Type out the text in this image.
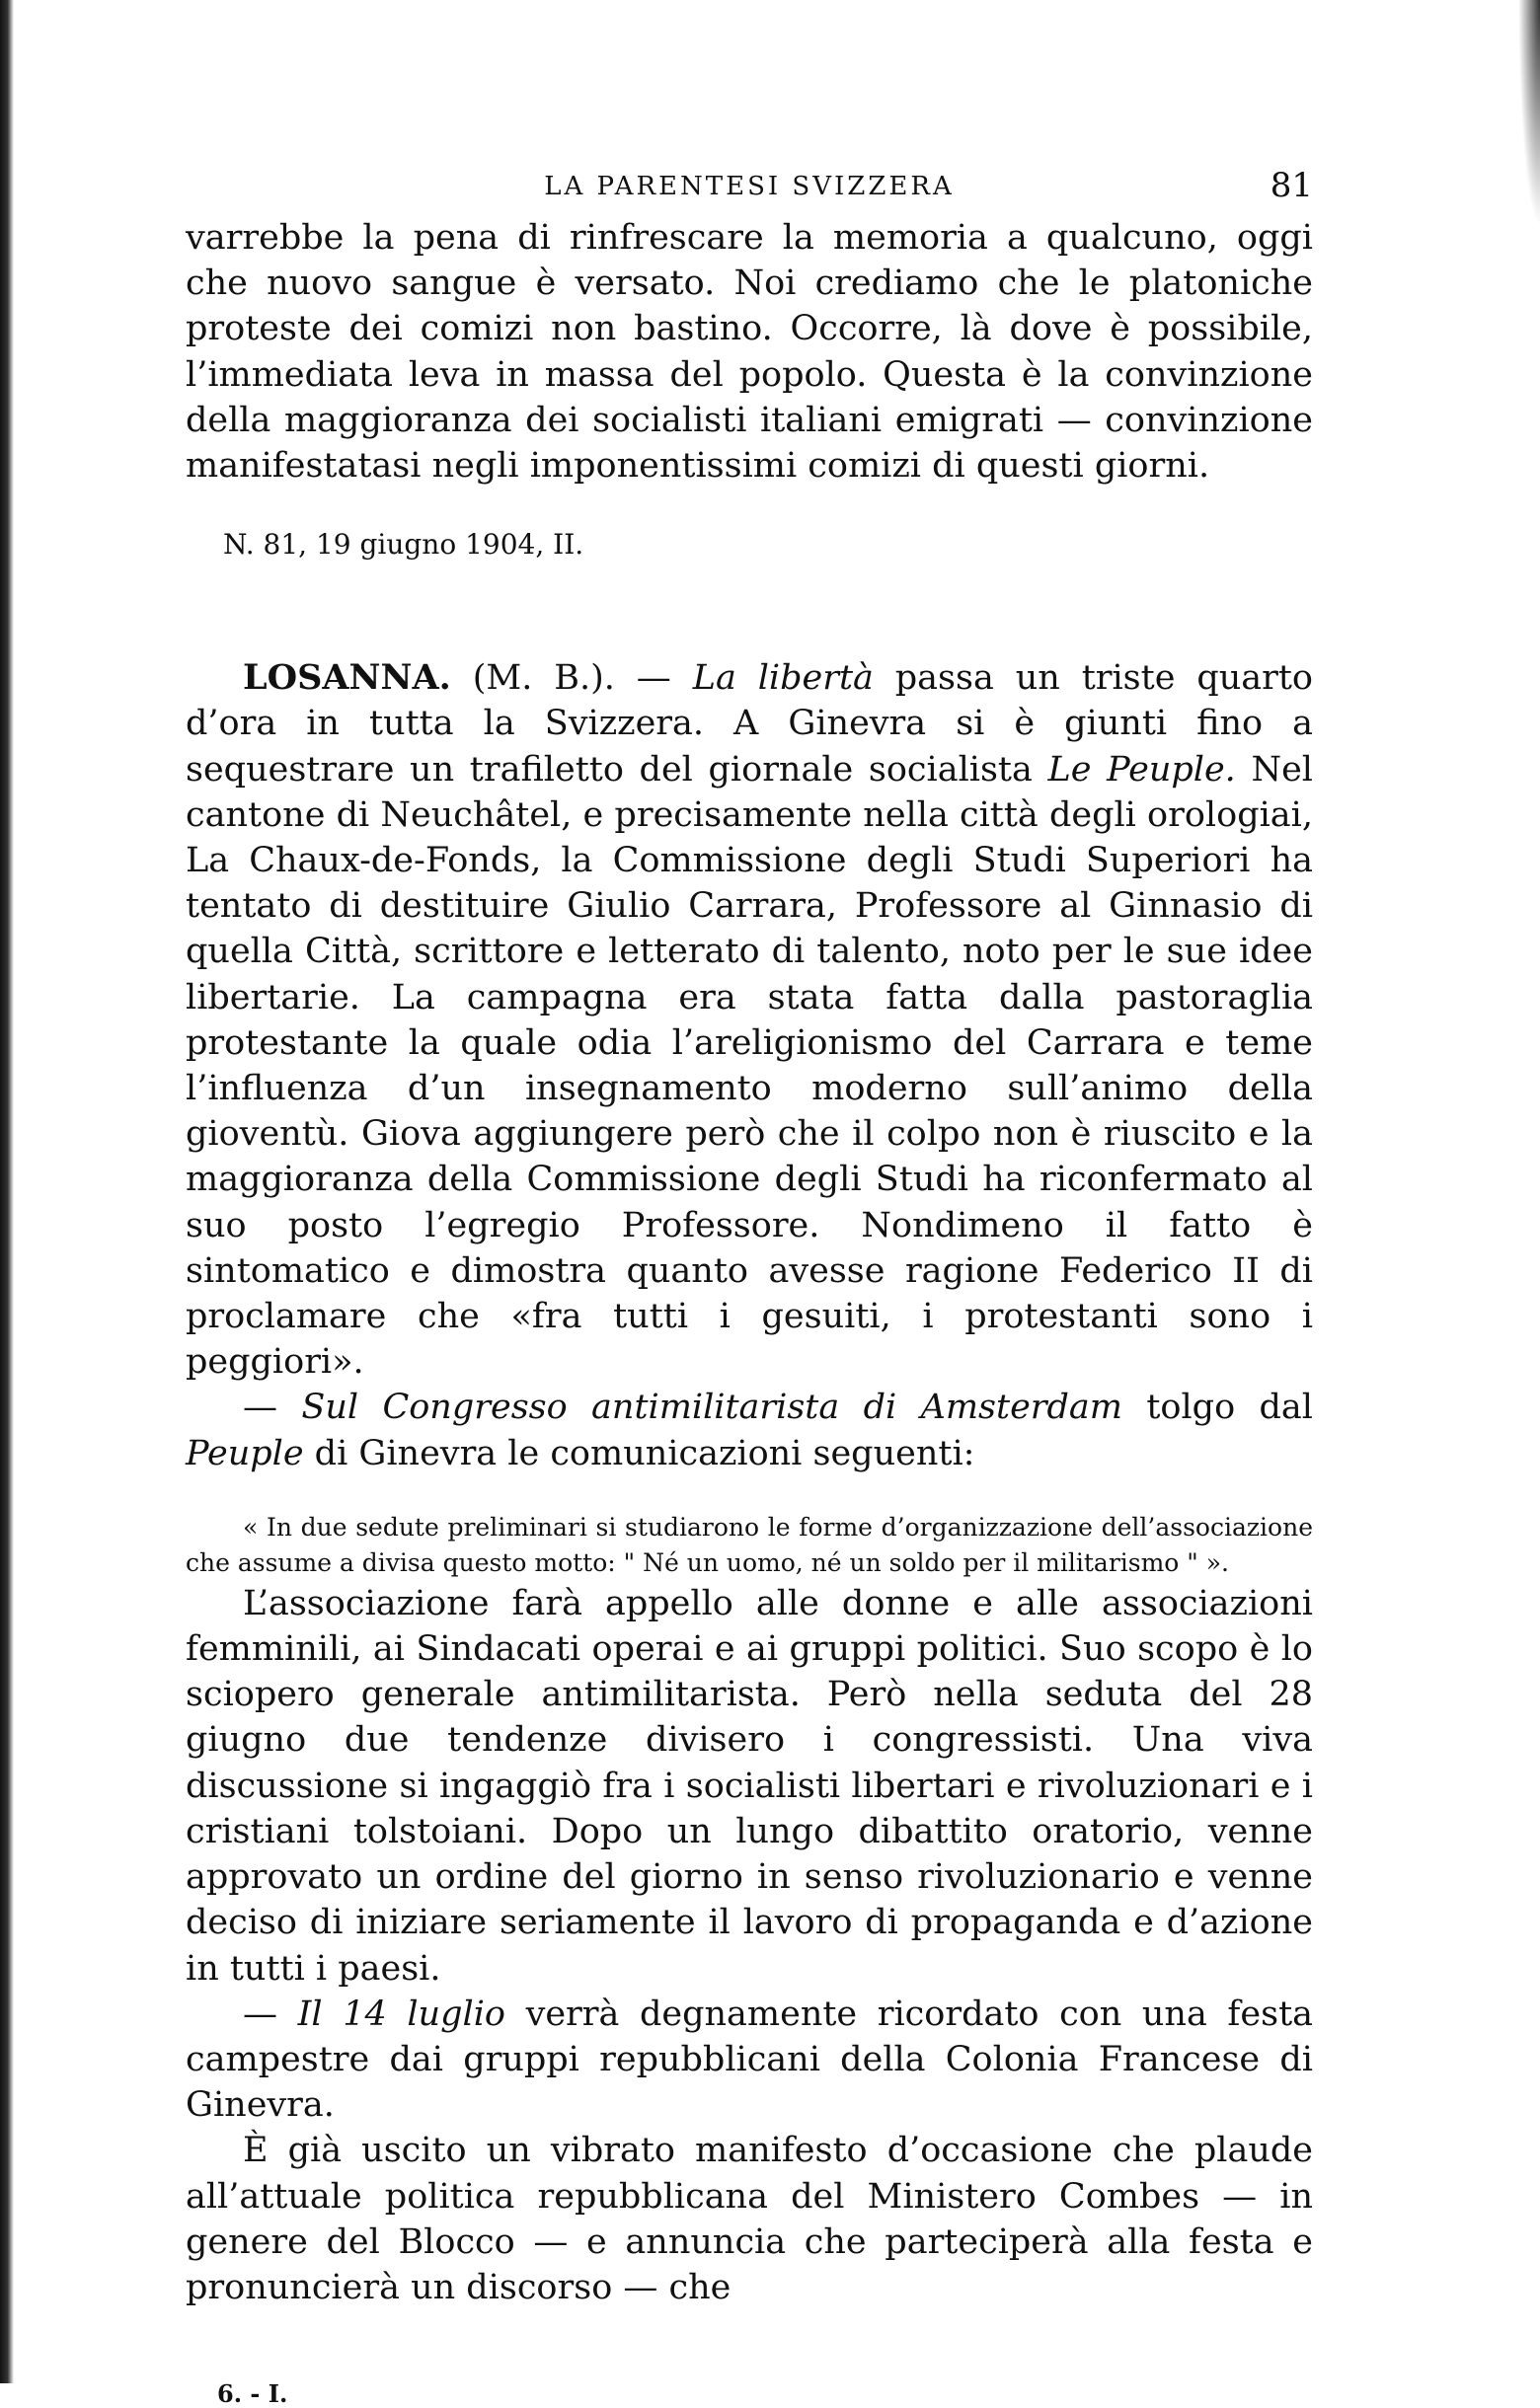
LA PARENTESI SVIZZERA	81

varrebbe la pena di rinfrescare la memoria a qualcuno, oggi che nuovo sangue è versato. Noi crediamo che le platoniche proteste dei comizi non bastino. Occorre, là dove è possibile, l’immediata leva in massa del popolo. Questa è la convinzione della maggioranza dei socialisti italiani emigrati — convinzione manifestatasi negli imponentissimi comizi di questi giorni.

N. 81, 19 giugno 1904, II.

LOSANNA. (M. B.). — La libertà passa un triste quarto d’ora in tutta la Svizzera. A Ginevra si è giunti fino a sequestrare un trafiletto del giornale socialista Le Peuple. Nel cantone di Neuchâtel, e precisamente nella città degli orologiai, La Chaux-de-Fonds, la Commissione degli Studi Superiori ha tentato di destituire Giulio Carrara, Professore al Ginnasio di quella Città, scrittore e letterato di talento, noto per le sue idee libertarie. La campagna era stata fatta dalla pastoraglia protestante la quale odia l’areligionismo del Carrara e teme l’influenza d’un insegnamento moderno sull’animo della gioventù. Giova aggiungere però che il colpo non è riuscito e la maggioranza della Commissione degli Studi ha riconfermato al suo posto l’egregio Professore. Nondimeno il fatto è sintomatico e dimostra quanto avesse ragione Federico II di proclamare che «fra tutti i gesuiti, i protestanti sono i peggiori».

— Sul Congresso antimilitarista di Amsterdam tolgo dal Peuple di Ginevra le comunicazioni seguenti:

« In due sedute preliminari si studiarono le forme d’organizzazione dell’associazione che assume a divisa questo motto: " Né un uomo, né un soldo per il militarismo " ».

L’associazione farà appello alle donne e alle associazioni femminili, ai Sindacati operai e ai gruppi politici. Suo scopo è lo sciopero generale antimilitarista. Però nella seduta del 28 giugno due tendenze divisero i congressisti. Una viva discussione si ingaggiò fra i socialisti libertari e rivoluzionari e i cristiani tolstoiani. Dopo un lungo dibattito oratorio, venne approvato un ordine del giorno in senso rivoluzionario e venne deciso di iniziare seriamente il lavoro di propaganda e d’azione in tutti i paesi.

— Il 14 luglio verrà degnamente ricordato con una festa campestre dai gruppi repubblicani della Colonia Francese di Ginevra.

È già uscito un vibrato manifesto d’occasione che plaude all’attuale politica repubblicana del Ministero Combes — in genere del Blocco — e annuncia che parteciperà alla festa e pronuncierà un discorso — che

6. - I.
